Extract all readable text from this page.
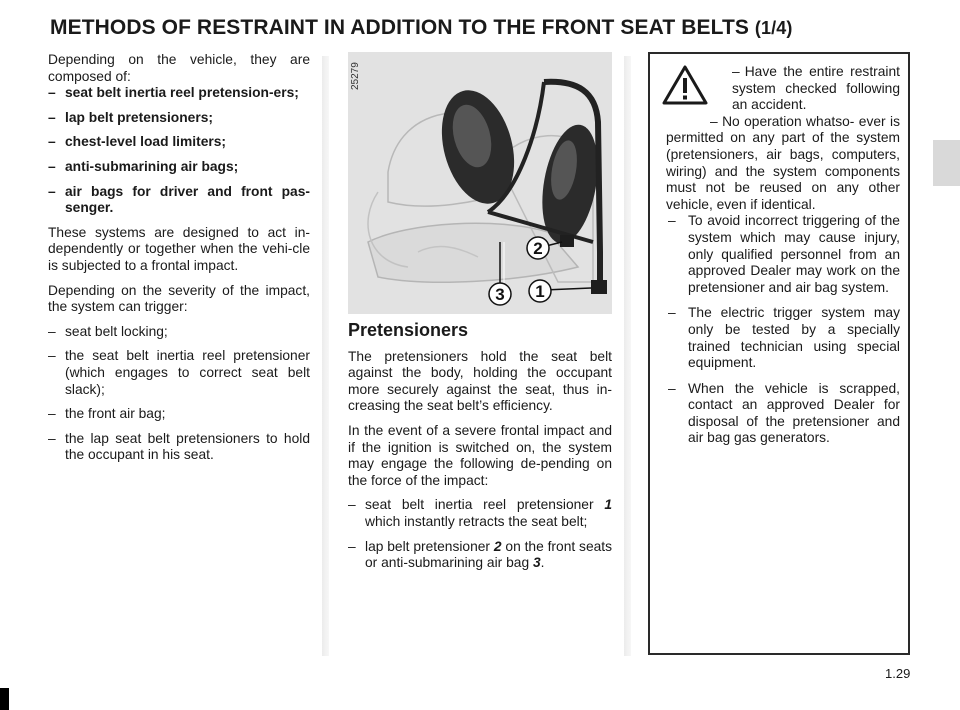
METHODS OF RESTRAINT IN ADDITION TO THE FRONT SEAT BELTS (1/4)

Depending on the vehicle, they are composed of:

– seat belt inertia reel pretension-ers;
– lap belt pretensioners;
– chest-level load limiters;
– anti-submarining air bags;
– air bags for driver and front pas-senger.

These systems are designed to act in-dependently or together when the vehi-cle is subjected to a frontal impact.

Depending on the severity of the impact, the system can trigger:

– seat belt locking;
– the seat belt inertia reel pretensioner (which engages to correct seat belt slack);
– the front air bag;
– the lap seat belt pretensioners to hold the occupant in his seat.
2
1
3
25279
Pretensioners

The pretensioners hold the seat belt against the body, holding the occupant more securely against the seat, thus in-creasing the seat belt’s efficiency.

In the event of a severe frontal impact and if the ignition is switched on, the system may engage the following de-pending on the force of the impact:

– seat belt inertia reel pretensioner 1 which instantly retracts the seat belt;
– lap belt pretensioner 2 on the front seats or anti-submarining air bag 3.

– Have the entire restraint system checked following an accident.

– No operation whatso- ever is permitted on any part of the system (pretensioners, air bags, computers, wiring) and the system components must not be reused on any other vehicle, even if identical.

– To avoid incorrect triggering of the system which may cause injury, only qualified personnel from an approved Dealer may work on the pretensioner and air bag system.
– The electric trigger system may only be tested by a specially trained technician using special equipment.
– When the vehicle is scrapped, contact an approved Dealer for disposal of the pretensioner and air bag gas generators.
1.29
